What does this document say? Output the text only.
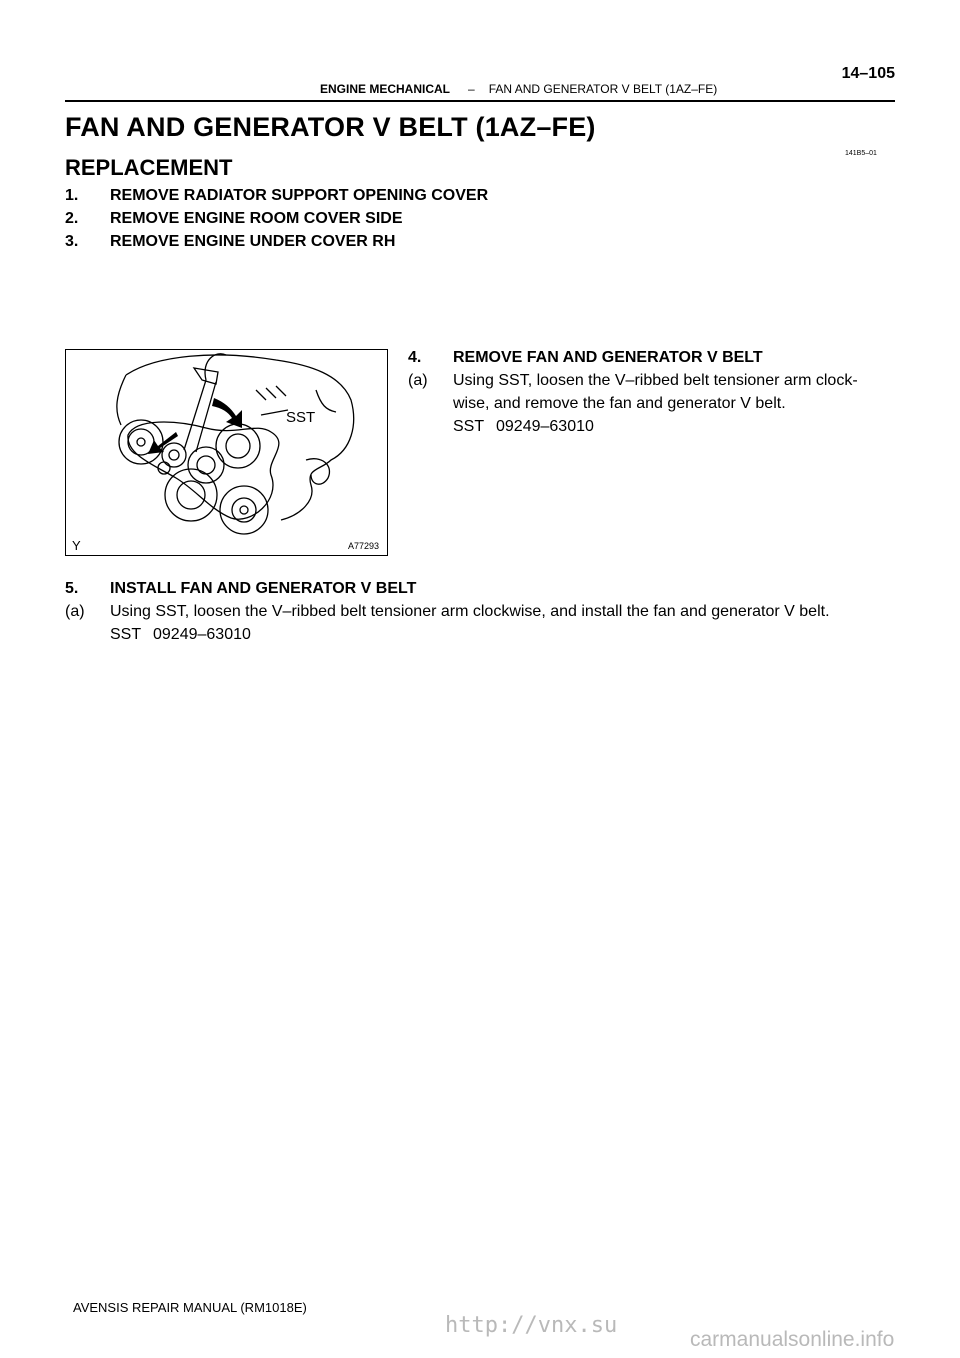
14–105
ENGINE MECHANICAL – FAN AND GENERATOR V BELT (1AZ–FE)
FAN AND GENERATOR V BELT (1AZ–FE)
REPLACEMENT
141B5–01
1. REMOVE RADIATOR SUPPORT OPENING COVER
2. REMOVE ENGINE ROOM COVER SIDE
3. REMOVE ENGINE UNDER COVER RH
SST
Y	A77293
4. REMOVE FAN AND GENERATOR V BELT
(a) Using SST, loosen the V–ribbed belt tensioner arm clock-
wise, and remove the fan and generator V belt.
SST 09249–63010
5. INSTALL FAN AND GENERATOR V BELT
(a) Using SST, loosen the V–ribbed belt tensioner arm clockwise, and install the fan and generator V belt.
SST 09249–63010
AVENSIS REPAIR MANUAL (RM1018E)
http://vnx.su
carmanualsonline.info
